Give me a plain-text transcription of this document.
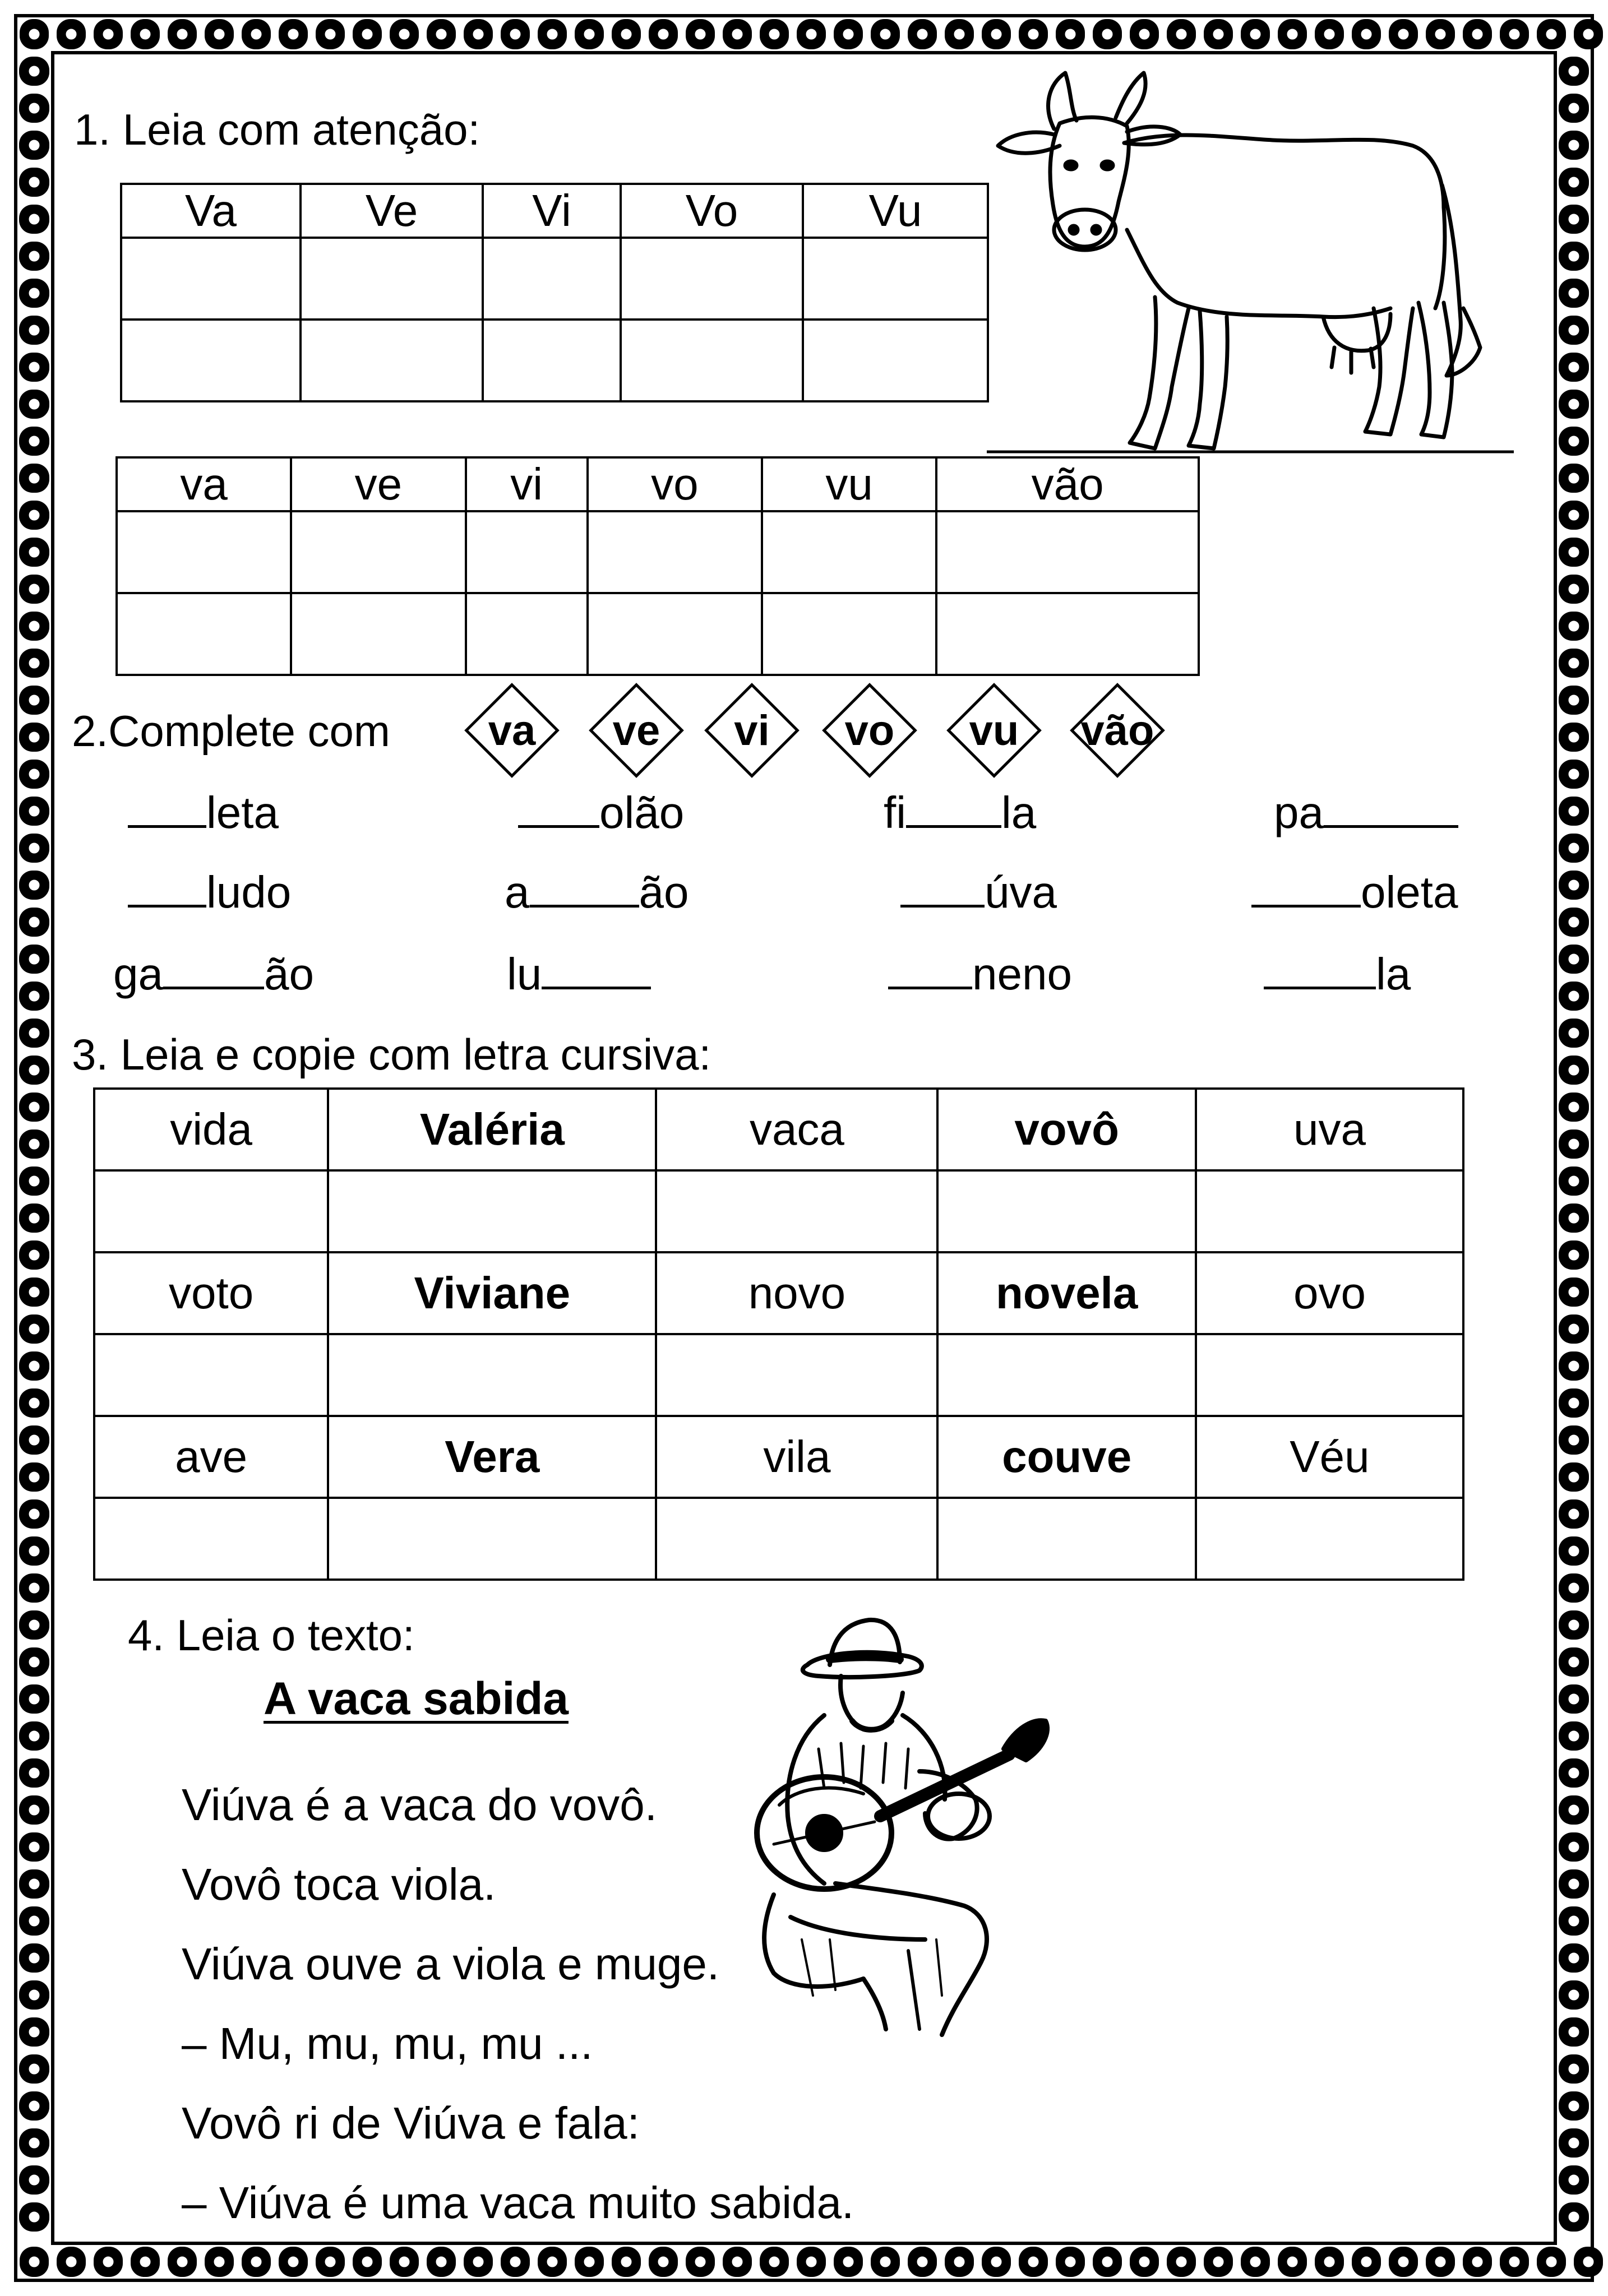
1. Leia com atenção:
Va	Ve	Vi	Vo	Vu

va	ve	vi	vo	vu	vão

2.Complete com	va	ve	vi	vo	vu	vão
leta	olão	fi la	pa
ludo	a ão	úva	oleta
ga ão	lu	neno	la
3. Leia e copie com letra cursiva:
vida	Valéria	vaca	vovô	uva

voto	Viviane	novo	novela	ovo

ave	Vera	vila	couve	Véu

4. Leia o texto:
A vaca sabida
Viúva é a vaca do vovô.
Vovô toca viola.
Viúva ouve a viola e muge.
– Mu, mu, mu, mu ...
Vovô ri de Viúva e fala:
– Viúva é uma vaca muito sabida.
